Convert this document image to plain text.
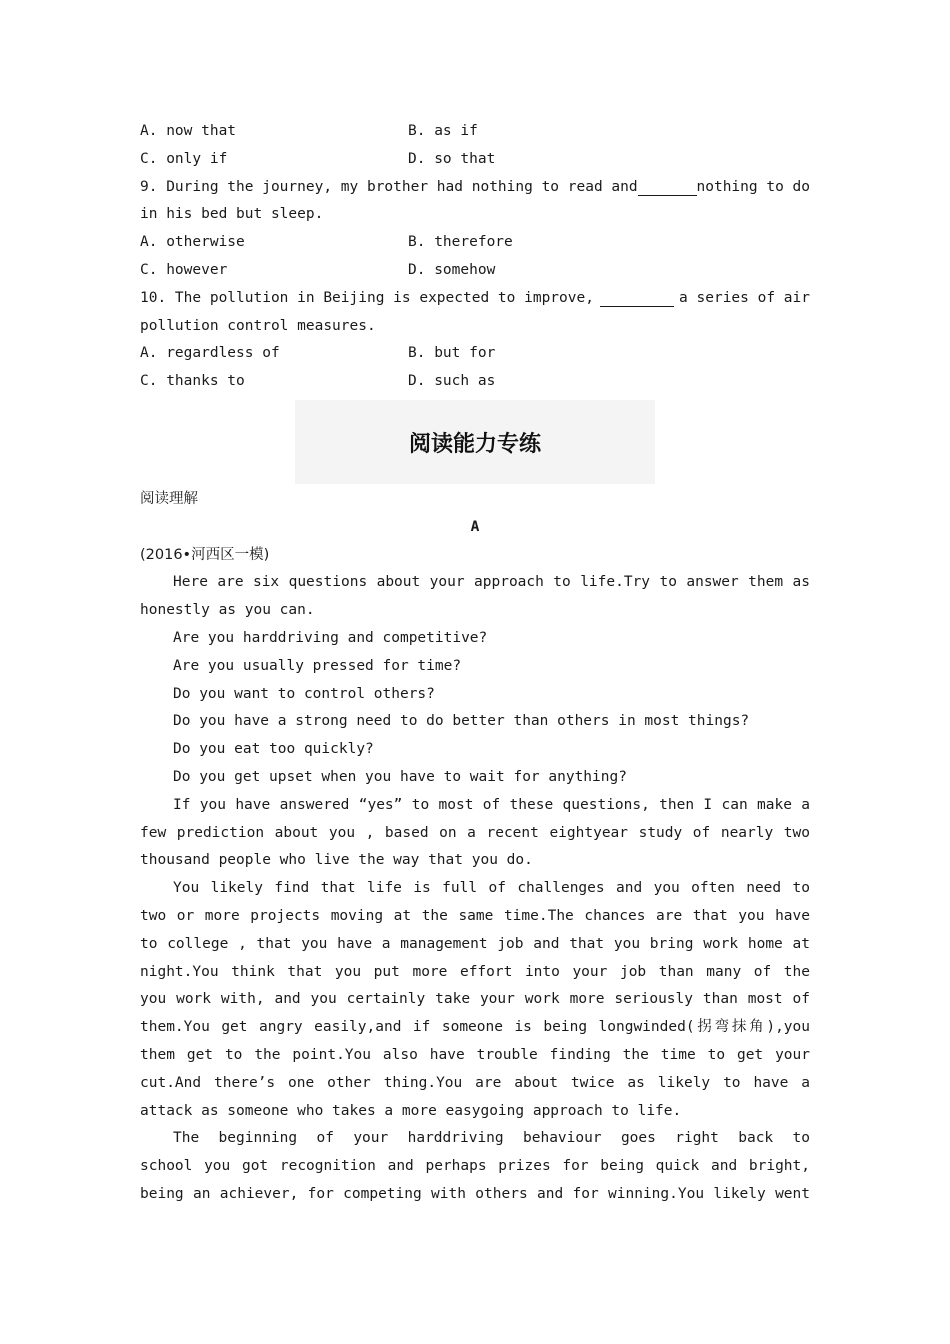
A. now that	B. as if
C. only if	D. so that
9. During the journey, my brother had nothing to read and	nothing to do
in his bed but sleep.
A. otherwise	B. therefore
C. however	D. somehow
10. The pollution in Beijing is expected to improve,	a series of air
pollution control measures.
A. regardless of	B. but for
C. thanks to	D. such as
阅读能力专练
阅读理解
A
(2016•河西区一模)
Here are six questions about your approach to life.Try to answer them as
honestly as you can.
Are you harddriving and competitive?
Are you usually pressed for time?
Do you want to control others?
Do you have a strong need to do better than others in most things?
Do you eat too quickly?
Do you get upset when you have to wait for anything?
If you have answered “yes” to most of these questions, then I can make a
few prediction about you , based on a recent eightyear study of nearly two
thousand people who live the way that you do.
You likely find that life is full of challenges and you often need to
two or more projects moving at the same time.The chances are that you have
to college , that you have a management job and that you bring work home at
night.You think that you put more effort into your job than many of the
you work with, and you certainly take your work more seriously than most of
them.You get angry easily,and if someone is being longwinded(拐弯抹角),you
them get to the point.You also have trouble finding the time to get your
cut.And there’s one other thing.You are about twice as likely to have a
attack as someone who takes a more easygoing approach to life.
The beginning of your harddriving behaviour goes right back to
school you got recognition and perhaps prizes for being quick and bright,
being an achiever, for competing with others and for winning.You likely went
